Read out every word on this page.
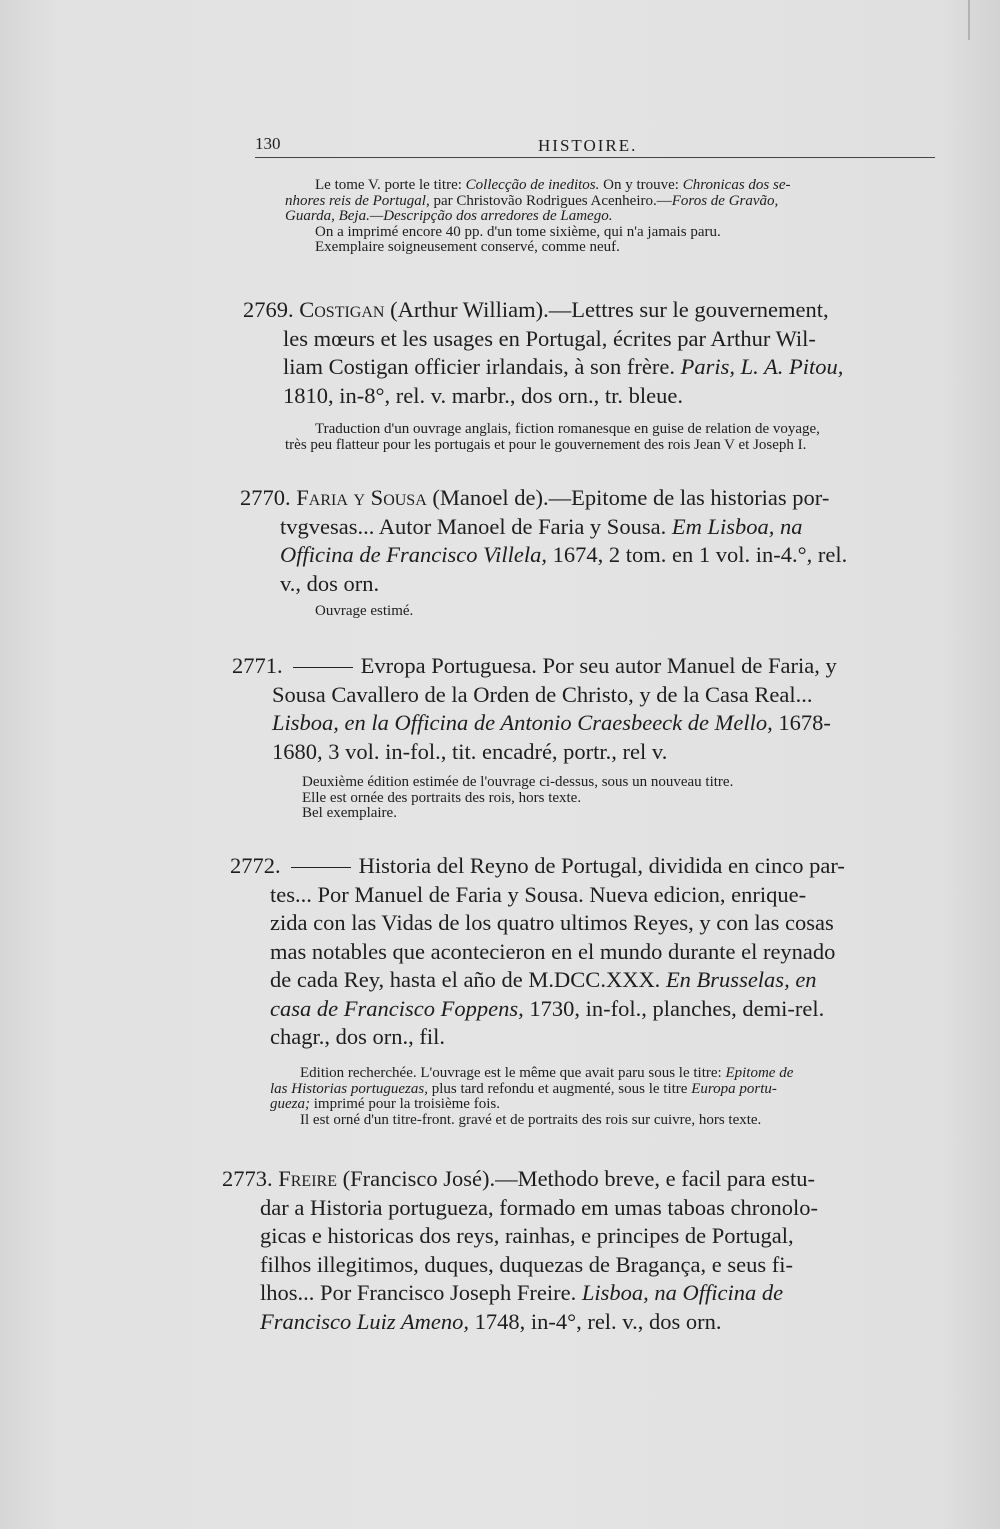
130	HISTOIRE.

Le tome V. porte le titre: Collecção de ineditos. On y trouve: Chronicas dos se-

nhores reis de Portugal, par Christovão Rodrigues Acenheiro.—Foros de Gravão,

Guarda, Beja.—Descripção dos arredores de Lamego.

On a imprimé encore 40 pp. d'un tome sixième, qui n'a jamais paru.

Exemplaire soigneusement conservé, comme neuf.

2769. Costigan (Arthur William).—Lettres sur le gouvernement,

les mœurs et les usages en Portugal, écrites par Arthur Wil-

liam Costigan officier irlandais, à son frère. Paris, L. A. Pitou,

1810, in-8°, rel. v. marbr., dos orn., tr. bleue.

Traduction d'un ouvrage anglais, fiction romanesque en guise de relation de voyage,

très peu flatteur pour les portugais et pour le gouvernement des rois Jean V et Joseph I.

2770. Faria y Sousa (Manoel de).—Epitome de las historias por-

tvgvesas... Autor Manoel de Faria y Sousa. Em Lisboa, na

Officina de Francisco Villela, 1674, 2 tom. en 1 vol. in-4.°, rel.

v., dos orn.

Ouvrage estimé.

2771.	Evropa Portuguesa. Por seu autor Manuel de Faria, y

Sousa Cavallero de la Orden de Christo, y de la Casa Real...

Lisboa, en la Officina de Antonio Craesbeeck de Mello, 1678-

1680, 3 vol. in-fol., tit. encadré, portr., rel v.

Deuxième édition estimée de l'ouvrage ci-dessus, sous un nouveau titre.

Elle est ornée des portraits des rois, hors texte.

Bel exemplaire.

2772.	Historia del Reyno de Portugal, dividida en cinco par-

tes... Por Manuel de Faria y Sousa. Nueva edicion, enrique-

zida con las Vidas de los quatro ultimos Reyes, y con las cosas

mas notables que acontecieron en el mundo durante el reynado

de cada Rey, hasta el año de M.DCC.XXX. En Brusselas, en

casa de Francisco Foppens, 1730, in-fol., planches, demi-rel.

chagr., dos orn., fil.

Edition recherchée. L'ouvrage est le même que avait paru sous le titre: Epitome de

las Historias portuguezas, plus tard refondu et augmenté, sous le titre Europa portu-

gueza; imprimé pour la troisième fois.

Il est orné d'un titre-front. gravé et de portraits des rois sur cuivre, hors texte.

2773. Freire (Francisco José).—Methodo breve, e facil para estu-

dar a Historia portugueza, formado em umas taboas chronolo-

gicas e historicas dos reys, rainhas, e principes de Portugal,

filhos illegitimos, duques, duquezas de Bragança, e seus fi-

lhos... Por Francisco Joseph Freire. Lisboa, na Officina de

Francisco Luiz Ameno, 1748, in-4°, rel. v., dos orn.
